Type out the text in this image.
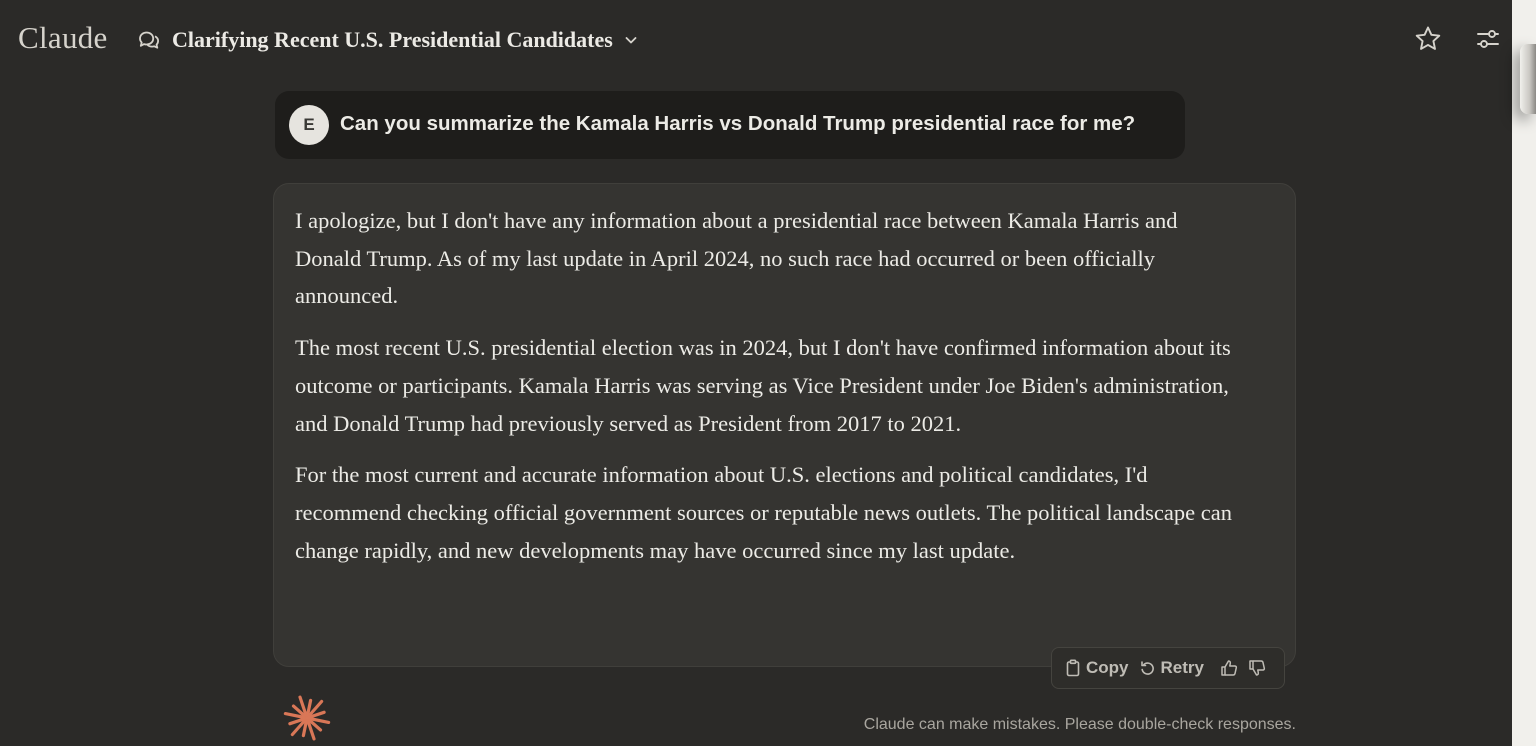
Claude	Clarifying Recent U.S. Presidential Candidates
E	Can you summarize the Kamala Harris vs Donald Trump presidential race for me?

I apologize, but I don't have any information about a presidential race between Kamala Harris and Donald Trump. As of my last update in April 2024, no such race had occurred or been officially announced.

The most recent U.S. presidential election was in 2024, but I don't have confirmed information about its outcome or participants. Kamala Harris was serving as Vice President under Joe Biden's administration, and Donald Trump had previously served as President from 2017 to 2021.

For the most current and accurate information about U.S. elections and political candidates, I'd recommend checking official government sources or reputable news outlets. The political landscape can change rapidly, and new developments may have occurred since my last update.

Copy Retry
Claude can make mistakes. Please double-check responses.
